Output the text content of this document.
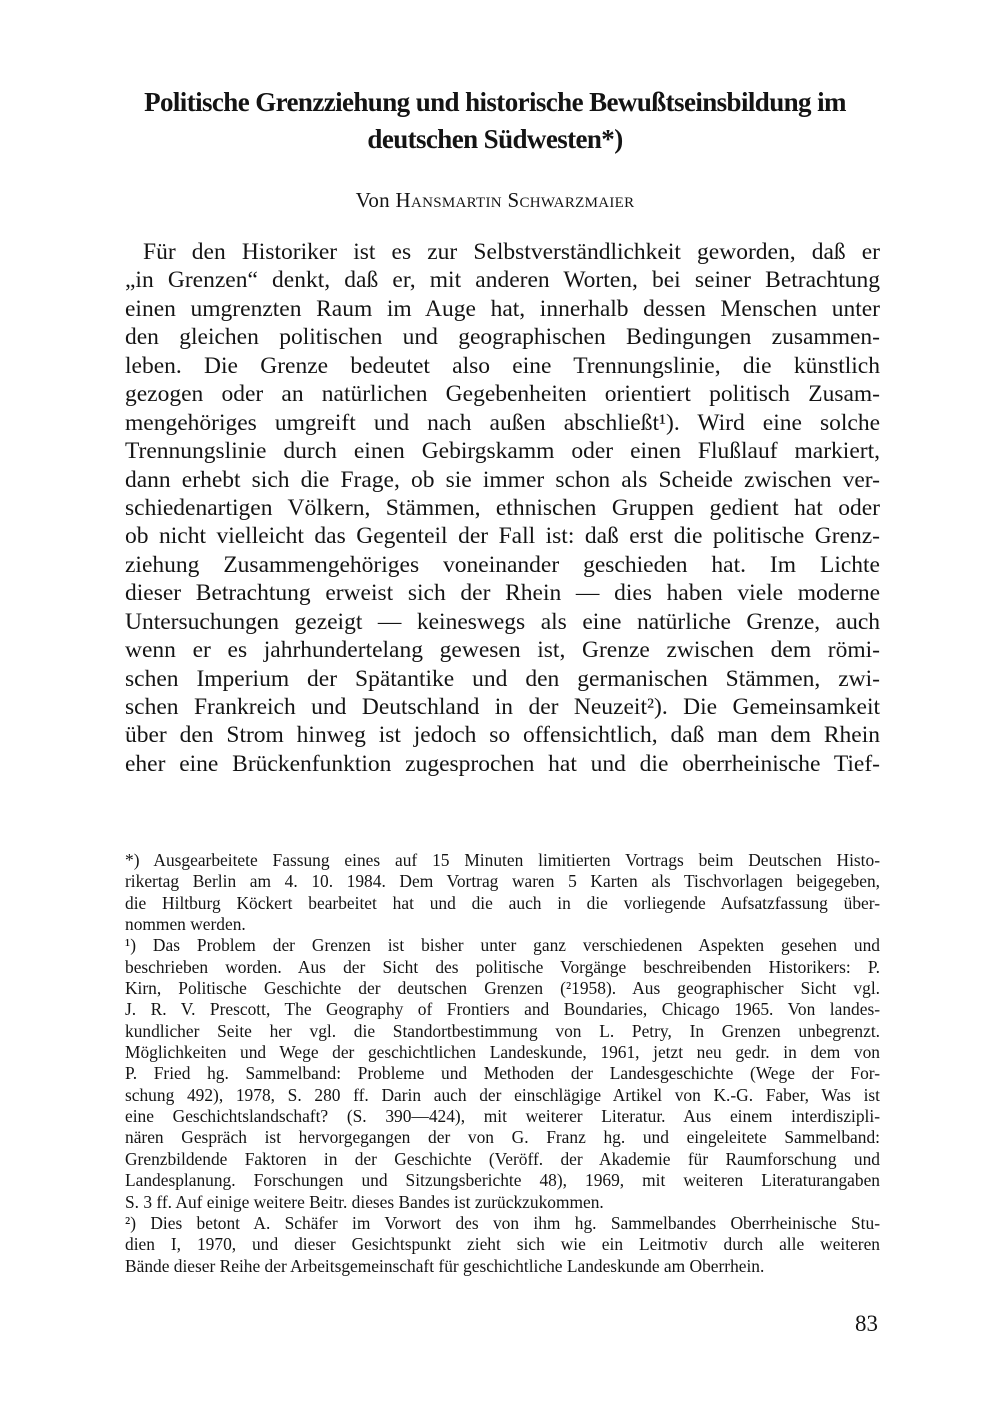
Politische Grenzziehung und historische Bewußtseinsbildung im
deutschen Südwesten*)

Von Hansmartin Schwarzmaier

Für den Historiker ist es zur Selbstverständlichkeit geworden, daß er
„in Grenzen“ denkt, daß er, mit anderen Worten, bei seiner Betrachtung
einen umgrenzten Raum im Auge hat, innerhalb dessen Menschen unter
den gleichen politischen und geographischen Bedingungen zusammen-
leben. Die Grenze bedeutet also eine Trennungslinie, die künstlich
gezogen oder an natürlichen Gegebenheiten orientiert politisch Zusam-
mengehöriges umgreift und nach außen abschließt¹). Wird eine solche
Trennungslinie durch einen Gebirgskamm oder einen Flußlauf markiert,
dann erhebt sich die Frage, ob sie immer schon als Scheide zwischen ver-
schiedenartigen Völkern, Stämmen, ethnischen Gruppen gedient hat oder
ob nicht vielleicht das Gegenteil der Fall ist: daß erst die politische Grenz-
ziehung Zusammengehöriges voneinander geschieden hat. Im Lichte
dieser Betrachtung erweist sich der Rhein — dies haben viele moderne
Untersuchungen gezeigt — keineswegs als eine natürliche Grenze, auch
wenn er es jahrhundertelang gewesen ist, Grenze zwischen dem römi-
schen Imperium der Spätantike und den germanischen Stämmen, zwi-
schen Frankreich und Deutschland in der Neuzeit²). Die Gemeinsamkeit
über den Strom hinweg ist jedoch so offensichtlich, daß man dem Rhein
eher eine Brückenfunktion zugesprochen hat und die oberrheinische Tief-
*) Ausgearbeitete Fassung eines auf 15 Minuten limitierten Vortrags beim Deutschen Histo-
rikertag Berlin am 4. 10. 1984. Dem Vortrag waren 5 Karten als Tischvorlagen beigegeben,
die Hiltburg Köckert bearbeitet hat und die auch in die vorliegende Aufsatzfassung über-
nommen werden.
¹) Das Problem der Grenzen ist bisher unter ganz verschiedenen Aspekten gesehen und
beschrieben worden. Aus der Sicht des politische Vorgänge beschreibenden Historikers: P.
Kirn, Politische Geschichte der deutschen Grenzen (²1958). Aus geographischer Sicht vgl.
J. R. V. Prescott, The Geography of Frontiers and Boundaries, Chicago 1965. Von landes-
kundlicher Seite her vgl. die Standortbestimmung von L. Petry, In Grenzen unbegrenzt.
Möglichkeiten und Wege der geschichtlichen Landeskunde, 1961, jetzt neu gedr. in dem von
P. Fried hg. Sammelband: Probleme und Methoden der Landesgeschichte (Wege der For-
schung 492), 1978, S. 280 ff. Darin auch der einschlägige Artikel von K.-G. Faber, Was ist
eine Geschichtslandschaft? (S. 390—424), mit weiterer Literatur. Aus einem interdiszipli-
nären Gespräch ist hervorgegangen der von G. Franz hg. und eingeleitete Sammelband:
Grenzbildende Faktoren in der Geschichte (Veröff. der Akademie für Raumforschung und
Landesplanung. Forschungen und Sitzungsberichte 48), 1969, mit weiteren Literaturangaben
S. 3 ff. Auf einige weitere Beitr. dieses Bandes ist zurückzukommen.
²) Dies betont A. Schäfer im Vorwort des von ihm hg. Sammelbandes Oberrheinische Stu-
dien I, 1970, und dieser Gesichtspunkt zieht sich wie ein Leitmotiv durch alle weiteren
Bände dieser Reihe der Arbeitsgemeinschaft für geschichtliche Landeskunde am Oberrhein.

83
